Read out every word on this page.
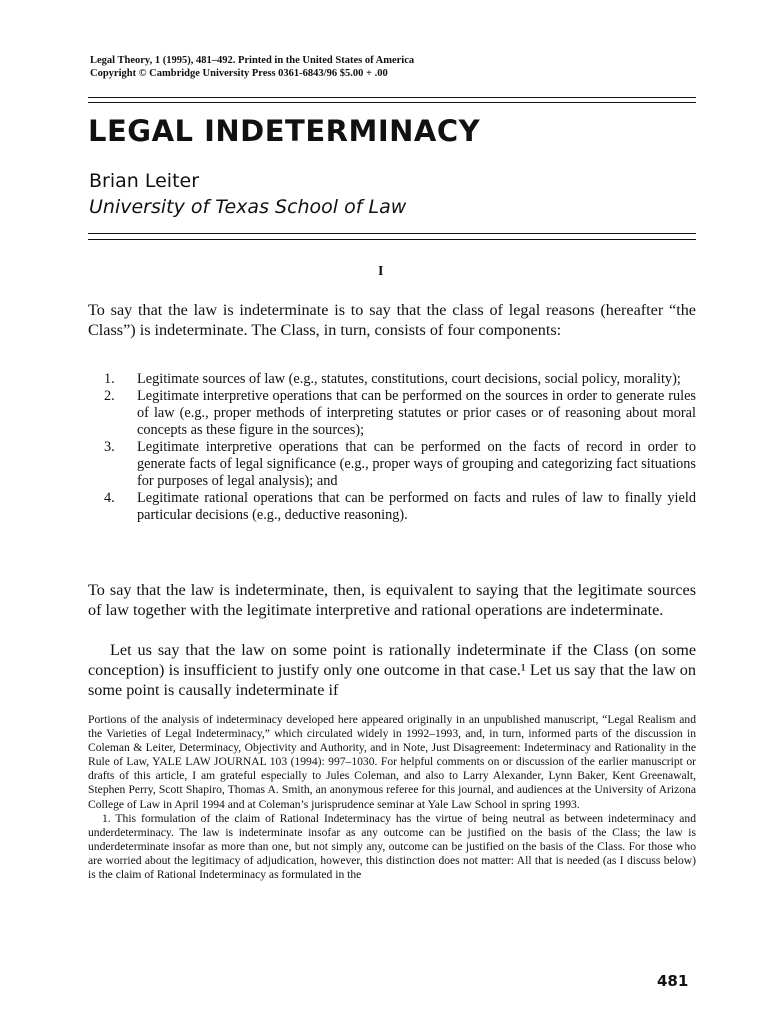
Legal Theory, 1 (1995), 481–492. Printed in the United States of America
Copyright © Cambridge University Press 0361-6843/96 $5.00 + .00
LEGAL INDETERMINACY
Brian Leiter
University of Texas School of Law
I

To say that the law is indeterminate is to say that the class of legal reasons (hereafter “the Class”) is indeterminate. The Class, in turn, consists of four components:

1. Legitimate sources of law (e.g., statutes, constitutions, court decisions, social policy, morality);
2. Legitimate interpretive operations that can be performed on the sources in order to generate rules of law (e.g., proper methods of interpreting statutes or prior cases or of reasoning about moral concepts as these figure in the sources);
3. Legitimate interpretive operations that can be performed on the facts of record in order to generate facts of legal significance (e.g., proper ways of grouping and categorizing fact situations for purposes of legal analysis); and
4. Legitimate rational operations that can be performed on facts and rules of law to finally yield particular decisions (e.g., deductive reasoning).

To say that the law is indeterminate, then, is equivalent to saying that the legitimate sources of law together with the legitimate interpretive and rational operations are indeterminate.

Let us say that the law on some point is rationally indeterminate if the Class (on some conception) is insufficient to justify only one outcome in that case.¹ Let us say that the law on some point is causally indeterminate if

Portions of the analysis of indeterminacy developed here appeared originally in an unpublished manuscript, “Legal Realism and the Varieties of Legal Indeterminacy,” which circulated widely in 1992–1993, and, in turn, informed parts of the discussion in Coleman & Leiter, Determinacy, Objectivity and Authority, and in Note, Just Disagreement: Indeterminacy and Rationality in the Rule of Law, YALE LAW JOURNAL 103 (1994): 997–1030. For helpful comments on or discussion of the earlier manuscript or drafts of this article, I am grateful especially to Jules Coleman, and also to Larry Alexander, Lynn Baker, Kent Greenawalt, Stephen Perry, Scott Shapiro, Thomas A. Smith, an anonymous referee for this journal, and audiences at the University of Arizona College of Law in April 1994 and at Coleman’s jurisprudence seminar at Yale Law School in spring 1993.

1. This formulation of the claim of Rational Indeterminacy has the virtue of being neutral as between indeterminacy and underdeterminacy. The law is indeterminate insofar as any outcome can be justified on the basis of the Class; the law is underdeterminate insofar as more than one, but not simply any, outcome can be justified on the basis of the Class. For those who are worried about the legitimacy of adjudication, however, this distinction does not matter: All that is needed (as I discuss below) is the claim of Rational Indeterminacy as formulated in the

481
